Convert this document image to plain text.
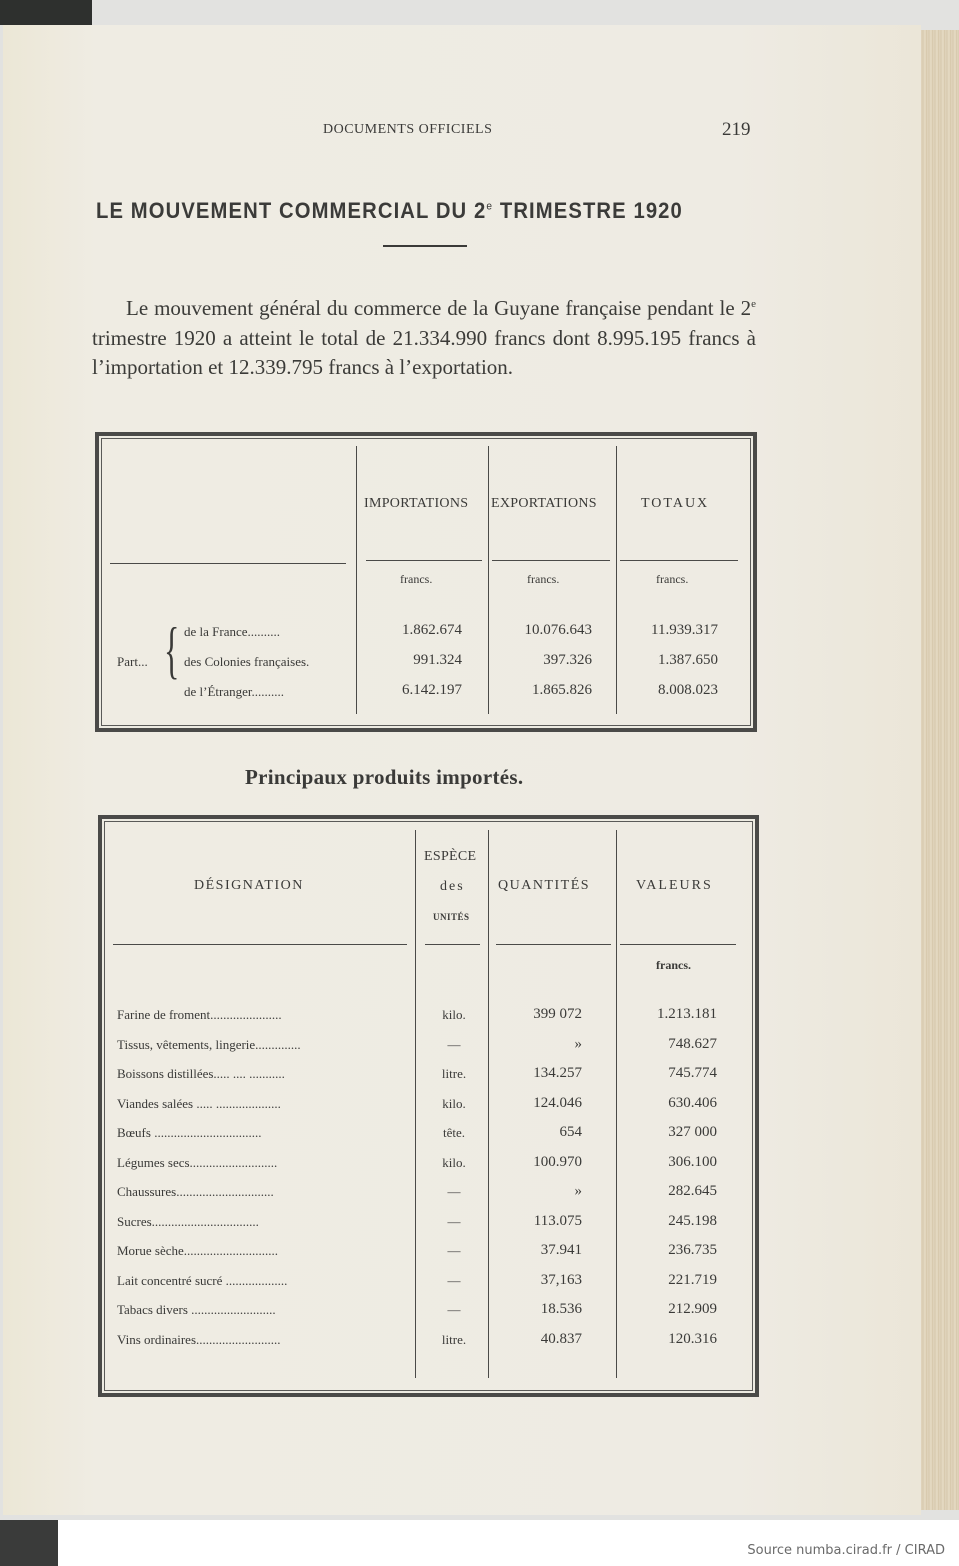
DOCUMENTS OFFICIELS	219
LE MOUVEMENT COMMERCIAL DU 2e TRIMESTRE 1920

Le mouvement général du commerce de la Guyane française pendant le 2e trimestre 1920 a atteint le total de 21.334.990 francs dont 8.995.195 francs à l’importation et 12.339.795 francs à l’exportation.

IMPORTATIONS EXPORTATIONS	TOTAUX
francs.	francs.	francs.
Part... { de la France..........	1.862.674	10.076.643	11.939.317
des Colonies françaises.	991.324	397.326	1.387.650
de l’Étranger..........	6.142.197	1.865.826	8.008.023
Principaux produits importés.
DÉSIGNATION
ESPÈCE
des
UNITÉS
QUANTITÉS	VALEURS
francs.
Farine de froment......................	kilo.	399 072	1.213.181
Tissus, vêtements, lingerie..............	—	»	748.627
Boissons distillées..... .... ...........	litre.	134.257	745.774
Viandes salées ..... ....................	kilo.	124.046	630.406
Bœufs .................................	tête.	654	327 000
Légumes secs...........................	kilo.	100.970	306.100
Chaussures..............................	—	»	282.645
Sucres.................................	—	113.075	245.198
Morue sèche.............................	—	37.941	236.735
Lait concentré sucré ...................	—	37,163	221.719
Tabacs divers ..........................	—	18.536	212.909
Vins ordinaires..........................	litre.	40.837	120.316
Source numba.cirad.fr / CIRAD
